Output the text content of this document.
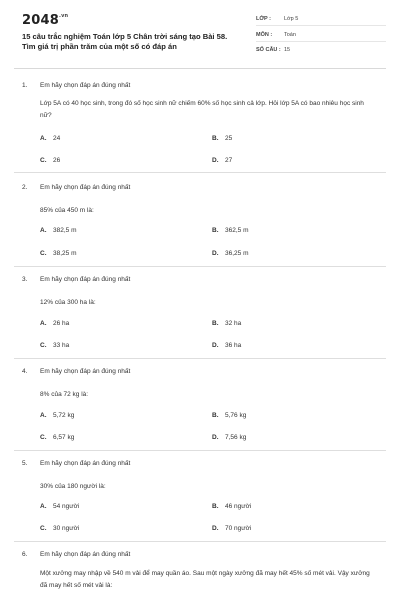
$2048^{.vn}$
15 câu trắc nghiệm Toán lớp 5 Chân trời sáng tạo Bài 58. Tìm giá trị phần trăm của một số có đáp án
LỚP : Lớp 5
MÔN : Toán
SỐ CÂU : 15
1. Em hãy chọn đáp án đúng nhất
Lớp 5A có 40 học sinh, trong đó số học sinh nữ chiếm 60% số học sinh cả lớp. Hỏi lớp 5A có bao nhiêu học sinh nữ?
A. 24	B. 25
C. 26	D. 27
2. Em hãy chọn đáp án đúng nhất
85% của 450 m là:
A. 382,5 m	B. 362,5 m
C. 38,25 m	D. 36,25 m
3. Em hãy chọn đáp án đúng nhất
12% của 300 ha là:
A. 26 ha	B. 32 ha
C. 33 ha	D. 36 ha
4. Em hãy chọn đáp án đúng nhất
8% của 72 kg là:
A. 5,72 kg	B. 5,76 kg
C. 6,57 kg	D. 7,56 kg
5. Em hãy chọn đáp án đúng nhất
30% của 180 người là:
A. 54 người	B. 46 người
C. 30 người	D. 70 người
6. Em hãy chọn đáp án đúng nhất
Một xưởng may nhập về 540 m vải để may quần áo. Sau một ngày xưởng đã may hết 45% số mét vải. Vậy xưởng đã may hết số mét vải là:
